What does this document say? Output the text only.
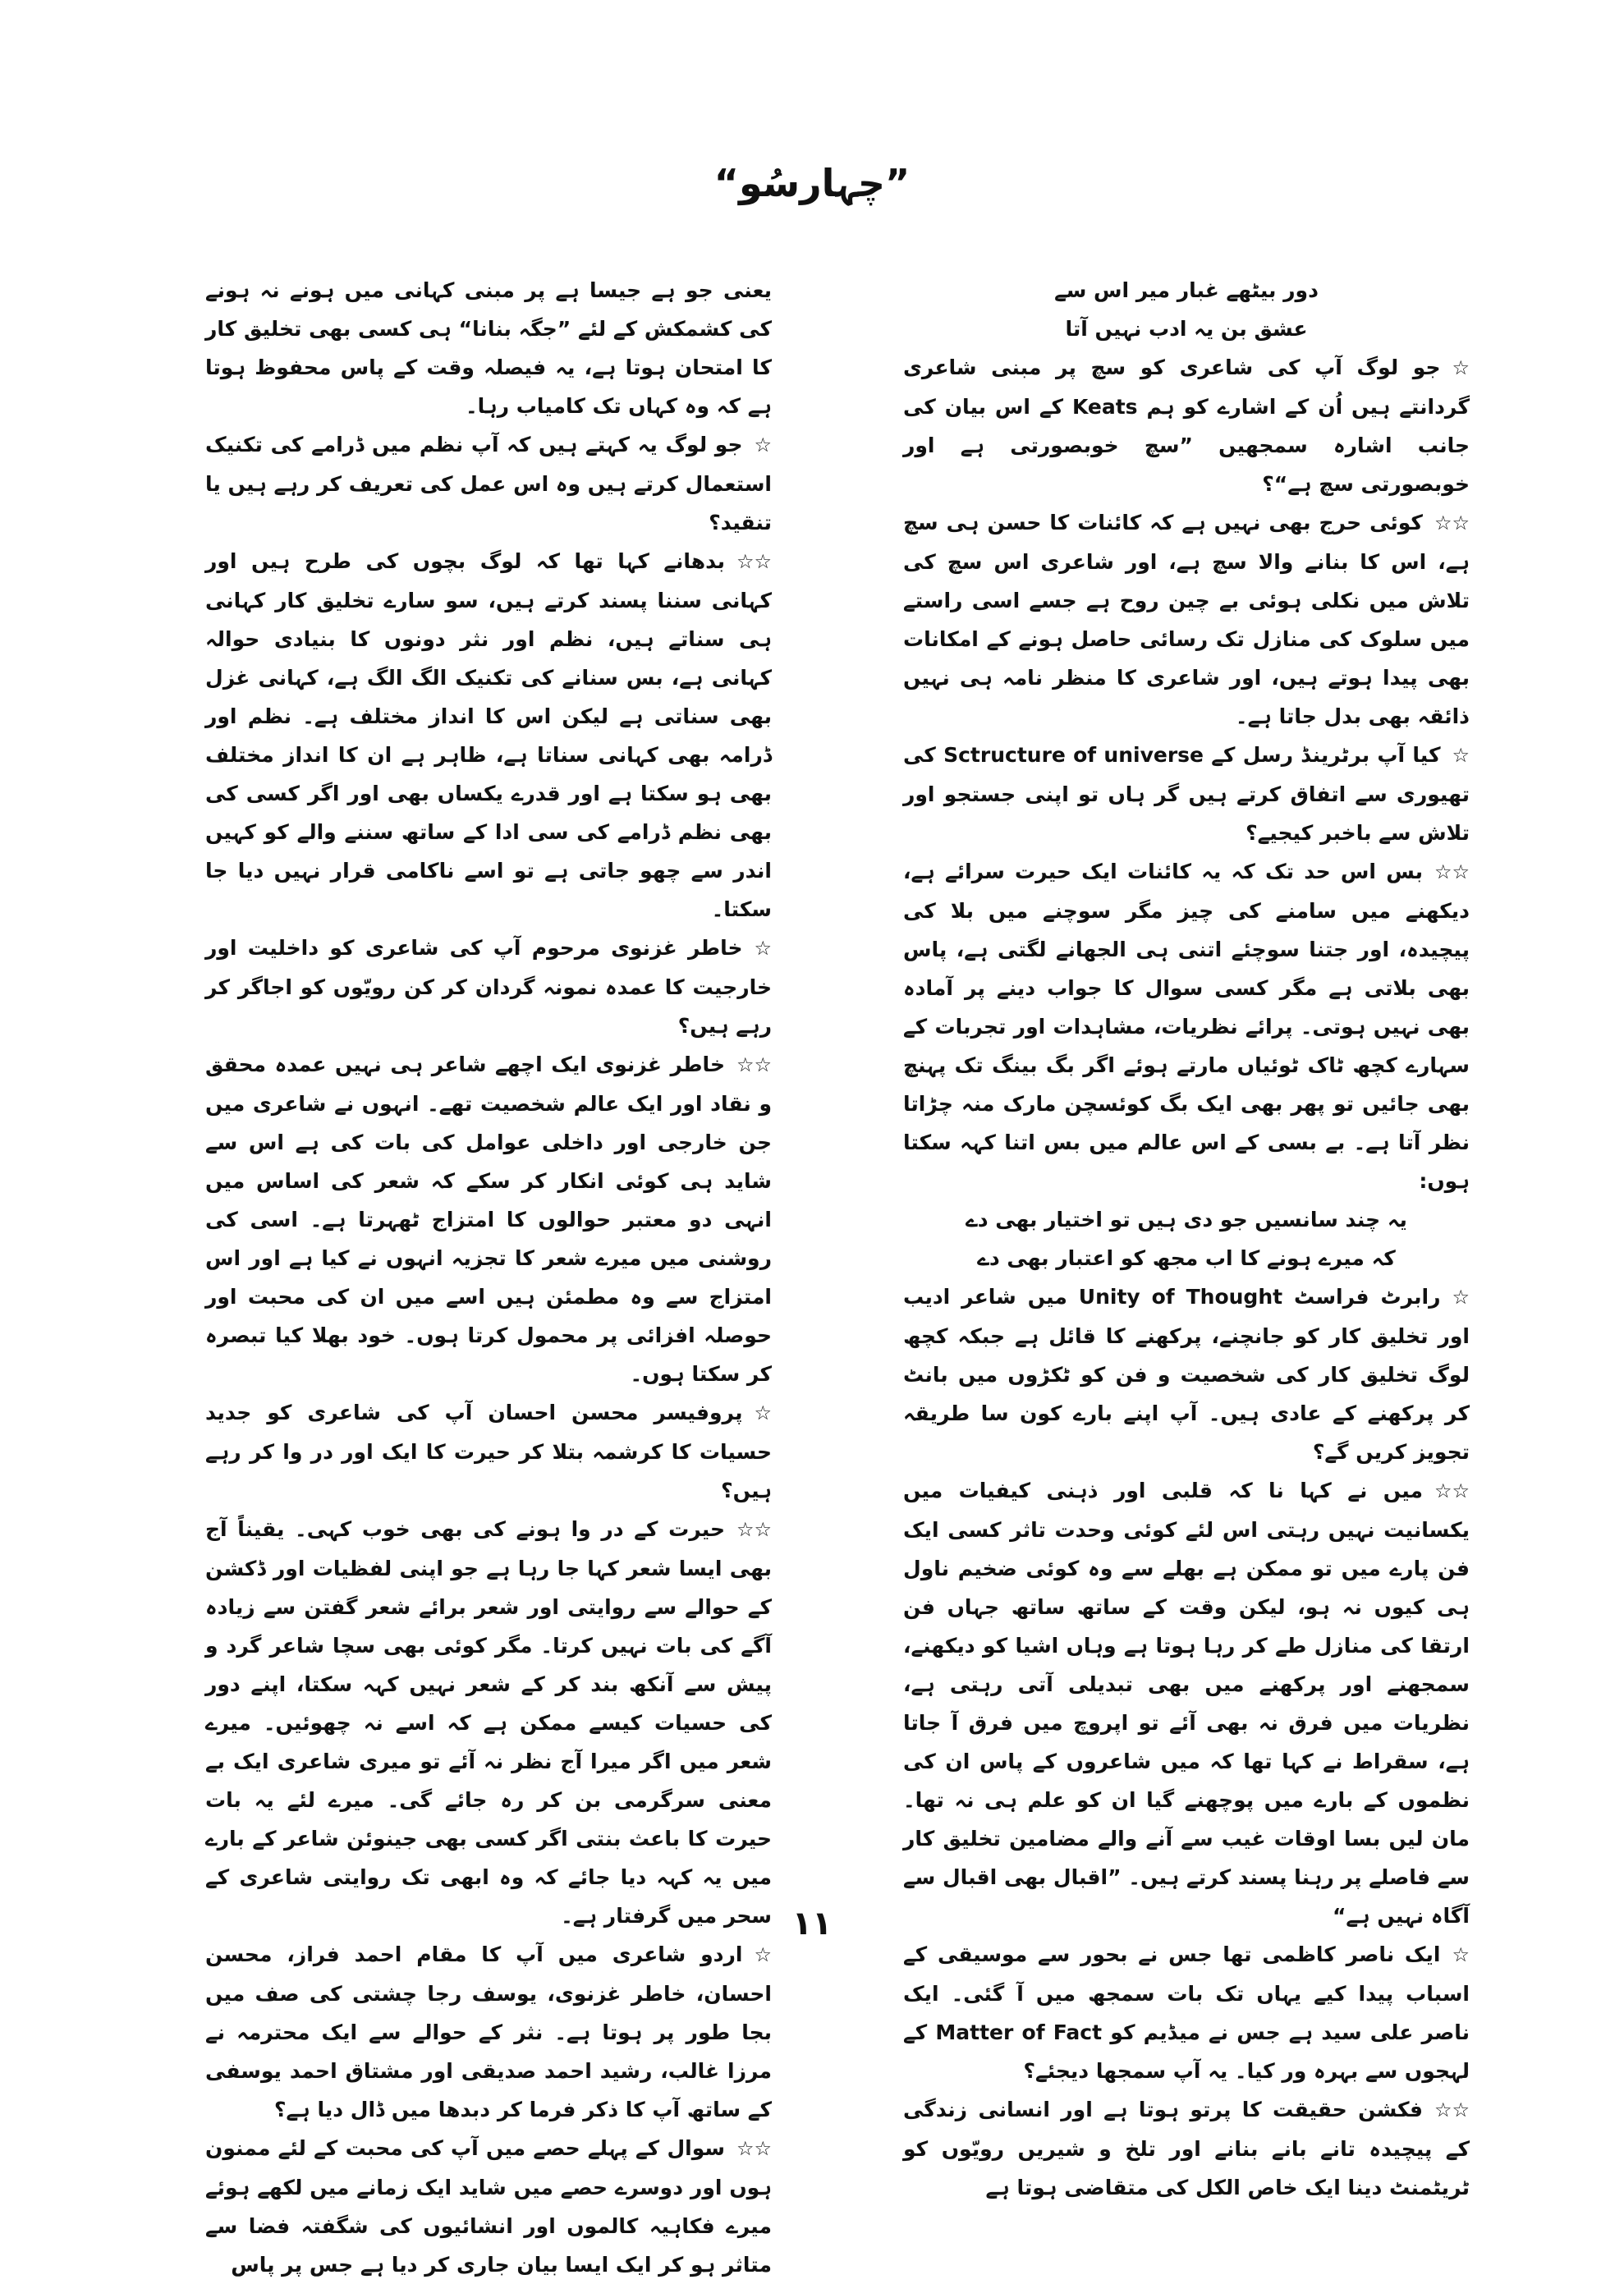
”چہارسُو“

دور بیٹھے غبار میر اس سے

عشق بن یہ ادب نہیں آتا

☆جو لوگ آپ کی شاعری کو سچ پر مبنی شاعری گردانتے ہیں اُن کے اشارے کو ہم Keats کے اس بیان کی جانب اشارہ سمجھیں ”سچ خوبصورتی ہے اور خوبصورتی سچ ہے“؟

☆☆کوئی حرج بھی نہیں ہے کہ کائنات کا حسن ہی سچ ہے، اس کا بنانے والا سچ ہے، اور شاعری اس سچ کی تلاش میں نکلی ہوئی بے چین روح ہے جسے اسی راستے میں سلوک کی منازل تک رسائی حاصل ہونے کے امکانات بھی پیدا ہوتے ہیں، اور شاعری کا منظر نامہ ہی نہیں ذائقہ بھی بدل جاتا ہے۔

☆کیا آپ برٹرینڈ رسل کے Sctructure of universe کی تھیوری سے اتفاق کرتے ہیں گر ہاں تو اپنی جستجو اور تلاش سے باخبر کیجیے؟

☆☆بس اس حد تک کہ یہ کائنات ایک حیرت سرائے ہے، دیکھنے میں سامنے کی چیز مگر سوچنے میں بلا کی پیچیدہ، اور جتنا سوچئے اتنی ہی الجھانے لگتی ہے، پاس بھی بلاتی ہے مگر کسی سوال کا جواب دینے پر آمادہ بھی نہیں ہوتی۔ پرائے نظریات، مشاہدات اور تجربات کے سہارے کچھ ٹاک ٹوئیاں مارتے ہوئے اگر بگ بینگ تک پہنچ بھی جائیں تو پھر بھی ایک بگ کوئسچن مارک منہ چڑاتا نظر آتا ہے۔ بے بسی کے اس عالم میں بس اتنا کہہ سکتا ہوں:

یہ چند سانسیں جو دی ہیں تو اختیار بھی دے

کہ میرے ہونے کا اب مجھ کو اعتبار بھی دے

☆رابرٹ فراسٹ Unity of Thought میں شاعر ادیب اور تخلیق کار کو جانچنے، پرکھنے کا قائل ہے جبکہ کچھ لوگ تخلیق کار کی شخصیت و فن کو ٹکڑوں میں بانٹ کر پرکھنے کے عادی ہیں۔ آپ اپنے بارے کون سا طریقہ تجویز کریں گے؟

☆☆میں نے کہا نا کہ قلبی اور ذہنی کیفیات میں یکسانیت نہیں رہتی اس لئے کوئی وحدت تاثر کسی ایک فن پارے میں تو ممکن ہے بھلے سے وہ کوئی ضخیم ناول ہی کیوں نہ ہو، لیکن وقت کے ساتھ ساتھ جہاں فن ارتقا کی منازل طے کر رہا ہوتا ہے وہاں اشیا کو دیکھنے، سمجھنے اور پرکھنے میں بھی تبدیلی آتی رہتی ہے، نظریات میں فرق نہ بھی آئے تو اپروچ میں فرق آ جاتا ہے، سقراط نے کہا تھا کہ میں شاعروں کے پاس ان کی نظموں کے بارے میں پوچھنے گیا ان کو علم ہی نہ تھا۔ مان لیں بسا اوقات غیب سے آنے والے مضامین تخلیق کار سے فاصلے پر رہنا پسند کرتے ہیں۔ ”اقبال بھی اقبال سے آگاہ نہیں ہے“

☆ایک ناصر کاظمی تھا جس نے بحور سے موسیقی کے اسباب پیدا کیے یہاں تک بات سمجھ میں آ گئی۔ ایک ناصر علی سید ہے جس نے میڈیم کو Matter of Fact کے لہجوں سے بہرہ ور کیا۔ یہ آپ سمجھا دیجئے؟

☆☆فکشن حقیقت کا پرتو ہوتا ہے اور انسانی زندگی کے پیچیدہ تانے بانے بنانے اور تلخ و شیریں رویّوں کو ٹریٹمنٹ دینا ایک خاص الکل کی متقاضی ہوتا ہے

یعنی جو ہے جیسا ہے پر مبنی کہانی میں ہونے نہ ہونے کی کشمکش کے لئے ”جگہ بنانا“ ہی کسی بھی تخلیق کار کا امتحان ہوتا ہے، یہ فیصلہ وقت کے پاس محفوظ ہوتا ہے کہ وہ کہاں تک کامیاب رہا۔

☆جو لوگ یہ کہتے ہیں کہ آپ نظم میں ڈرامے کی تکنیک استعمال کرتے ہیں وہ اس عمل کی تعریف کر رہے ہیں یا تنقید؟

☆☆بدھانے کہا تھا کہ لوگ بچوں کی طرح ہیں اور کہانی سننا پسند کرتے ہیں، سو سارے تخلیق کار کہانی ہی سناتے ہیں، نظم اور نثر دونوں کا بنیادی حوالہ کہانی ہے، بس سنانے کی تکنیک الگ الگ ہے، کہانی غزل بھی سناتی ہے لیکن اس کا انداز مختلف ہے۔ نظم اور ڈرامہ بھی کہانی سناتا ہے، ظاہر ہے ان کا انداز مختلف بھی ہو سکتا ہے اور قدرے یکساں بھی اور اگر کسی کی بھی نظم ڈرامے کی سی ادا کے ساتھ سننے والے کو کہیں اندر سے چھو جاتی ہے تو اسے ناکامی قرار نہیں دیا جا سکتا۔

☆خاطر غزنوی مرحوم آپ کی شاعری کو داخلیت اور خارجیت کا عمدہ نمونہ گردان کر کن رویّوں کو اجاگر کر رہے ہیں؟

☆☆خاطر غزنوی ایک اچھے شاعر ہی نہیں عمدہ محقق و نقاد اور ایک عالم شخصیت تھے۔ انہوں نے شاعری میں جن خارجی اور داخلی عوامل کی بات کی ہے اس سے شاید ہی کوئی انکار کر سکے کہ شعر کی اساس میں انہی دو معتبر حوالوں کا امتزاج ٹھہرتا ہے۔ اسی کی روشنی میں میرے شعر کا تجزیہ انہوں نے کیا ہے اور اس امتزاج سے وہ مطمئن ہیں اسے میں ان کی محبت اور حوصلہ افزائی پر محمول کرتا ہوں۔ خود بھلا کیا تبصرہ کر سکتا ہوں۔

☆پروفیسر محسن احسان آپ کی شاعری کو جدید حسیات کا کرشمہ بتلا کر حیرت کا ایک اور در وا کر رہے ہیں؟

☆☆حیرت کے در وا ہونے کی بھی خوب کہی۔ یقیناً آج بھی ایسا شعر کہا جا رہا ہے جو اپنی لفظیات اور ڈکشن کے حوالے سے روایتی اور شعر برائے شعر گفتن سے زیادہ آگے کی بات نہیں کرتا۔ مگر کوئی بھی سچا شاعر گرد و پیش سے آنکھ بند کر کے شعر نہیں کہہ سکتا، اپنے دور کی حسیات کیسے ممکن ہے کہ اسے نہ چھوئیں۔ میرے شعر میں اگر میرا آج نظر نہ آئے تو میری شاعری ایک بے معنی سرگرمی بن کر رہ جائے گی۔ میرے لئے یہ بات حیرت کا باعث بنتی اگر کسی بھی جینوئن شاعر کے بارے میں یہ کہہ دیا جائے کہ وہ ابھی تک روایتی شاعری کے سحر میں گرفتار ہے۔

☆اردو شاعری میں آپ کا مقام احمد فراز، محسن احسان، خاطر غزنوی، یوسف رجا چشتی کی صف میں بجا طور پر ہوتا ہے۔ نثر کے حوالے سے ایک محترمہ نے مرزا غالب، رشید احمد صدیقی اور مشتاق احمد یوسفی کے ساتھ آپ کا ذکر فرما کر دبدھا میں ڈال دیا ہے؟

☆☆سوال کے پہلے حصے میں آپ کی محبت کے لئے ممنون ہوں اور دوسرے حصے میں شاید ایک زمانے میں لکھے ہوئے میرے فکاہیہ کالموں اور انشائیوں کی شگفتہ فضا سے متاثر ہو کر ایک ایسا بیان جاری کر دیا ہے جس پر پاس

۱۱
